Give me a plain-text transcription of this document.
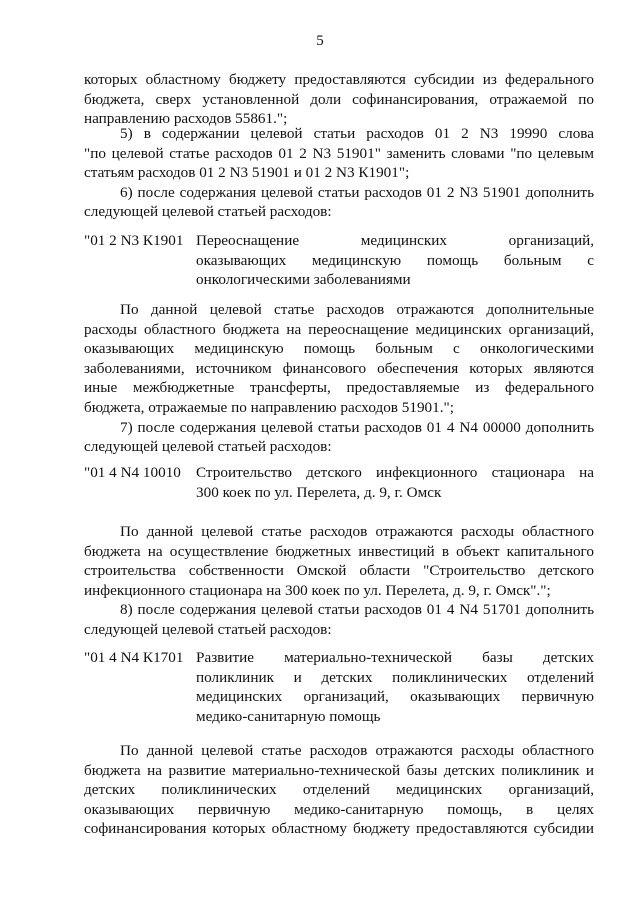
5
которых областному бюджету предоставляются субсидии из федерального
бюджета, сверх установленной доли софинансирования, отражаемой по
направлению расходов 55861.";
5) в содержании целевой статьи расходов 01 2 N3 19990 слова
"по целевой статье расходов 01 2 N3 51901" заменить словами "по целевым
статьям расходов 01 2 N3 51901 и 01 2 N3 К1901";
6) после содержания целевой статьи расходов 01 2 N3 51901 дополнить
следующей целевой статьей расходов:
"01 2 N3 К1901 Переоснащение медицинских организаций,
оказывающих медицинскую помощь больным с
онкологическими заболеваниями
По данной целевой статье расходов отражаются дополнительные
расходы областного бюджета на переоснащение медицинских организаций,
оказывающих медицинскую помощь больным с онкологическими
заболеваниями, источником финансового обеспечения которых являются
иные межбюджетные трансферты, предоставляемые из федерального
бюджета, отражаемые по направлению расходов 51901.";
7) после содержания целевой статьи расходов 01 4 N4 00000 дополнить
следующей целевой статьей расходов:
"01 4 N4 10010 Строительство детского инфекционного стационара на
300 коек по ул. Перелета, д. 9, г. Омск
По данной целевой статье расходов отражаются расходы областного
бюджета на осуществление бюджетных инвестиций в объект капитального
строительства собственности Омской области "Строительство детского
инфекционного стационара на 300 коек по ул. Перелета, д. 9, г. Омск".";
8) после содержания целевой статьи расходов 01 4 N4 51701 дополнить
следующей целевой статьей расходов:
"01 4 N4 К1701 Развитие материально-технической базы детских
поликлиник и детских поликлинических отделений
медицинских организаций, оказывающих первичную
медико-санитарную помощь
По данной целевой статье расходов отражаются расходы областного
бюджета на развитие материально-технической базы детских поликлиник и
детских поликлинических отделений медицинских организаций,
оказывающих первичную медико-санитарную помощь, в целях
софинансирования которых областному бюджету предоставляются субсидии
